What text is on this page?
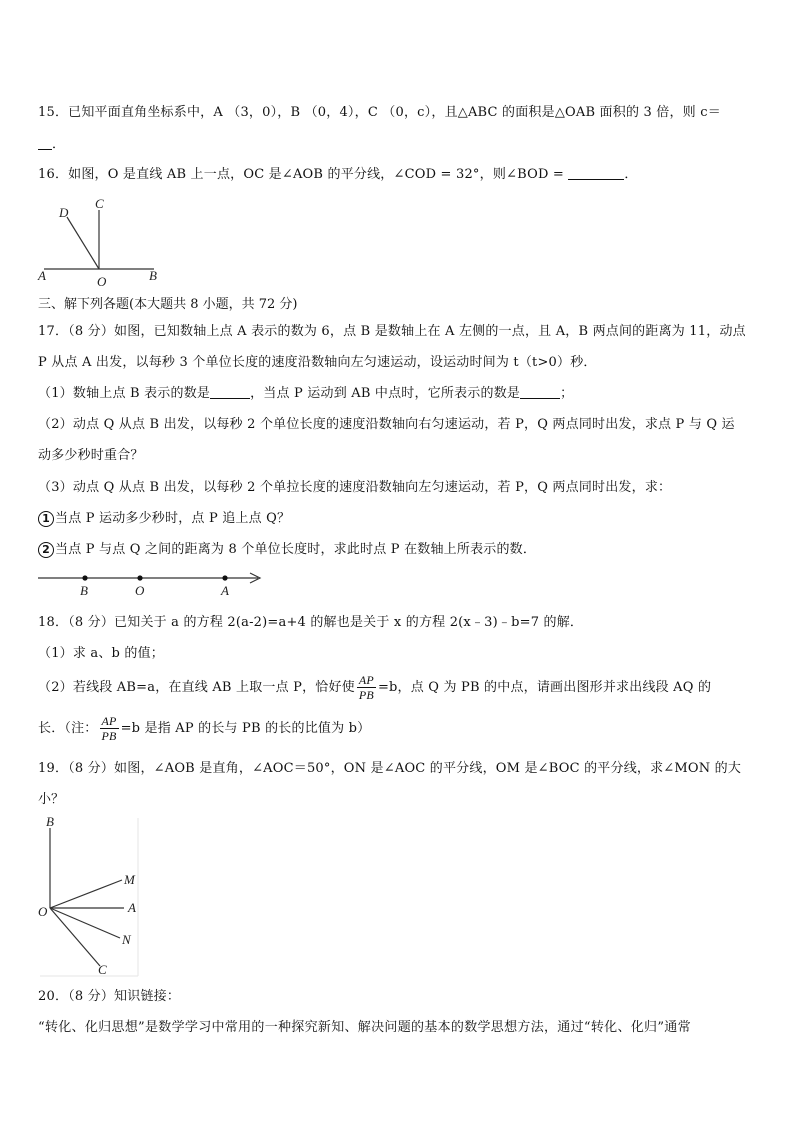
15．已知平面直角坐标系中，A （3，0），B （0，4），C （0，c），且△ABC 的面积是△OAB 面积的 3 倍，则 c＝
．
16．如图，O 是直线 AB 上一点，OC 是∠AOB 的平分线，∠COD = 32°，则∠BOD =	．
D
C
A	O	B
三、解下列各题(本大题共 8 小题，共 72 分)
17．（8 分）如图，已知数轴上点 A 表示的数为 6，点 B 是数轴上在 A 左侧的一点，且 A，B 两点间的距离为 11，动点
P 从点 A 出发，以每秒 3 个单位长度的速度沿数轴向左匀速运动，设运动时间为 t（t>0）秒．
（1）数轴上点 B 表示的数是	，当点 P 运动到 AB 中点时，它所表示的数是	；
（2）动点 Q 从点 B 出发，以每秒 2 个单位长度的速度沿数轴向右匀速运动，若 P，Q 两点同时出发，求点 P 与 Q 运
动多少秒时重合？
（3）动点 Q 从点 B 出发，以每秒 2 个单拉长度的速度沿数轴向左匀速运动，若 P，Q 两点同时出发，求：
1 当点 P 运动多少秒时，点 P 追上点 Q？
2 当点 P 与点 Q 之间的距离为 8 个单位长度时，求此时点 P 在数轴上所表示的数．
B	O	A
18．（8 分）已知关于 a 的方程 2(a-2)=a+4 的解也是关于 x 的方程 2(x﹣3)﹣b=7 的解．
（1）求 a、b 的值；
（2）若线段 AB=a，在直线 AB 上取一点 P，恰好使 $\frac{AP}{PB} =b$，点 Q 为 PB 的中点，请画出图形并求出线段 AQ 的
长．（注： $\frac{AP}{PB} =b$ 是指 AP 的长与 PB 的长的比值为 b）
19．（8 分）如图，∠AOB 是直角，∠AOC＝50°，ON 是∠AOC 的平分线，OM 是∠BOC 的平分线，求∠MON 的大
小？
B
M
O	A
N
C
20．（8 分）知识链接：
“转化、化归思想”是数学学习中常用的一种探究新知、解决问题的基本的数学思想方法，通过“转化、化归”通常
